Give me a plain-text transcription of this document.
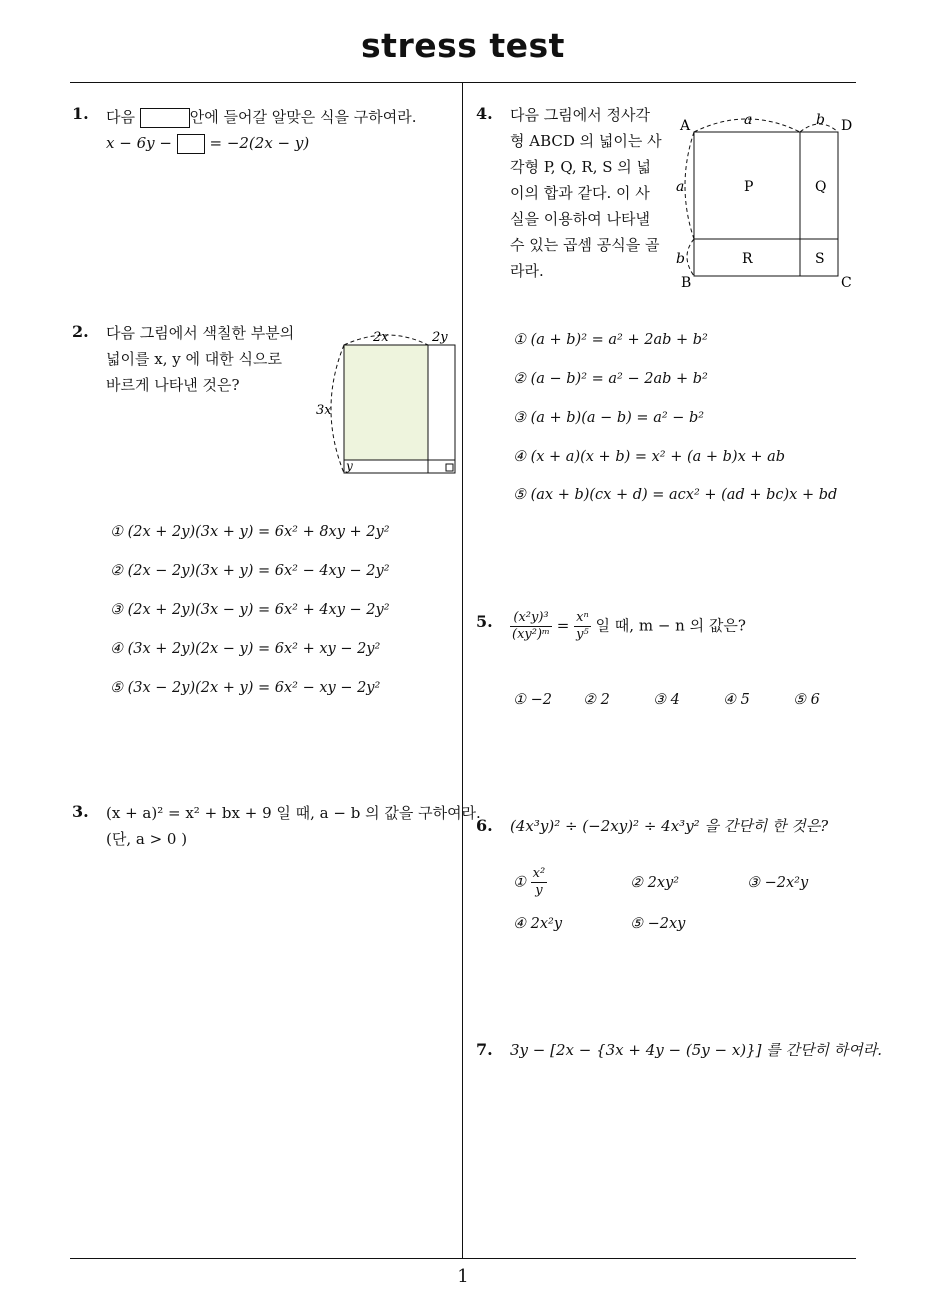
stress test
1
1. 다음	안에 들어갈 알맞은 식을 구하여라.
x − 6y −	= −2(2x − y)
2. 다음 그림에서 색칠한 부분의
넓이를 x, y 에 대한 식으로
바르게 나타낸 것은?
2x	2y
3x
y
① (2x + 2y)(3x + y) = 6x² + 8xy + 2y²
② (2x − 2y)(3x + y) = 6x² − 4xy − 2y²
③ (2x + 2y)(3x − y) = 6x² + 4xy − 2y²
④ (3x + 2y)(2x − y) = 6x² + xy − 2y²
⑤ (3x − 2y)(2x + y) = 6x² − xy − 2y²
3. (x + a)² = x² + bx + 9 일 때, a − b 의 값을 구하여라.
(단, a > 0 )
4. 다음 그림에서 정사각
형 ABCD 의 넓이는 사
각형 P, Q, R, S 의 넓
이의 합과 같다. 이 사
실을 이용하여 나타낼
수 있는 곱셈 공식을 골
라라.
A	D
B	C
P	Q
R	S
a	b
a
b
① (a + b)² = a² + 2ab + b²
② (a − b)² = a² − 2ab + b²
③ (a + b)(a − b) = a² − b²
④ (x + a)(x + b) = x² + (a + b)x + ab
⑤ (ax + b)(cx + d) = acx² + (ad + bc)x + bd
5. $\frac{\text{(x²y)³}}{\text{(xy²)ᵐ}} = \frac{\text{xⁿ}}{\text{y⁵}}$ 일 때, m − n 의 값은?
① −2 ② 2	③ 4	④ 5	⑤ 6
6. (4x³y)² ÷ (−2xy)² ÷ 4x³y² 을 간단히 한 것은?
① $\frac{\text{x²}}{y}$	② 2xy²	③ −2x²y
④ 2x²y	⑤ −2xy
7. 3y − [2x − {3x + 4y − (5y − x)}] 를 간단히 하여라.
